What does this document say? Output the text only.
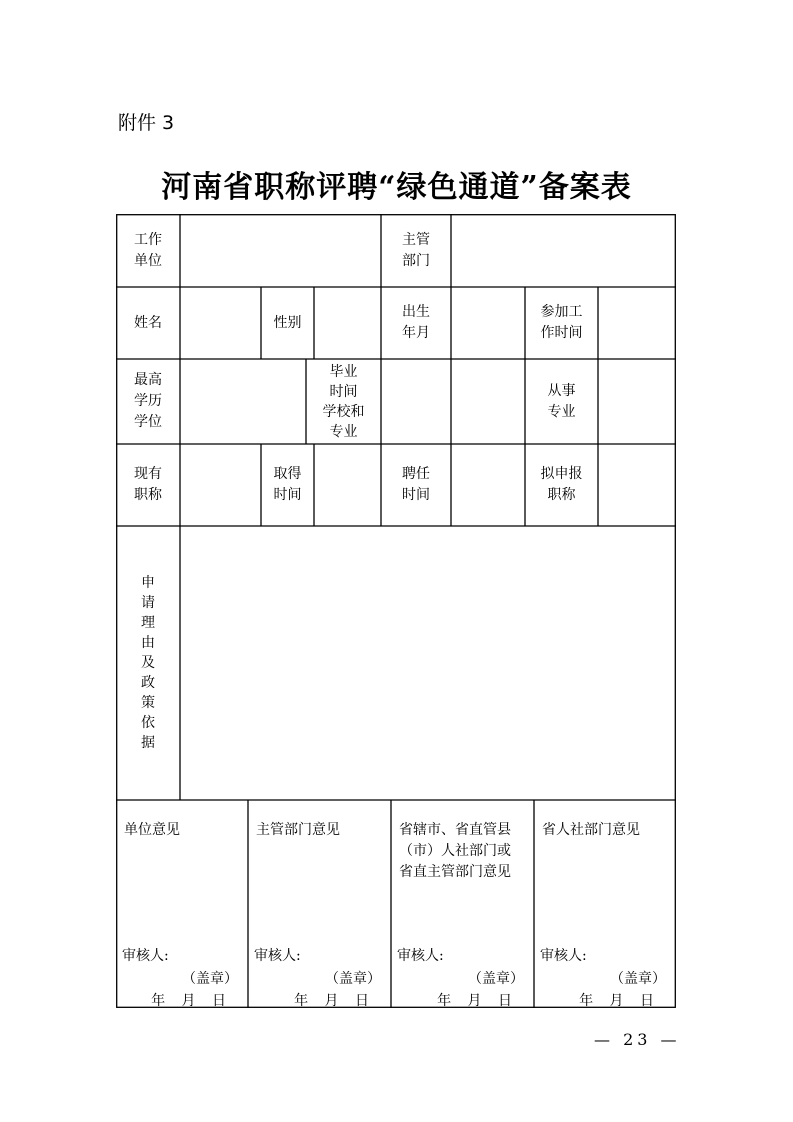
附件 3
河南省职称评聘“绿色通道”备案表
工作
单位
主管
部门
姓名	性别
出生
年月
参加工
作时间
最高
学历
学位
毕业
时间
学校和
专业
从事
专业
现有
职称
取得
时间
聘任
时间
拟申报
职称
申
请
理
由
及
政
策
依
据
单位意见
审核人:
（盖章）
年 月 日
主管部门意见
审核人:
（盖章）
年 月 日
省辖市、省直管县
（市）人社部门或
省直主管部门意见
审核人:
（盖章）
年 月 日
省人社部门意见
审核人:
（盖章）
年 月 日
— 23 —
